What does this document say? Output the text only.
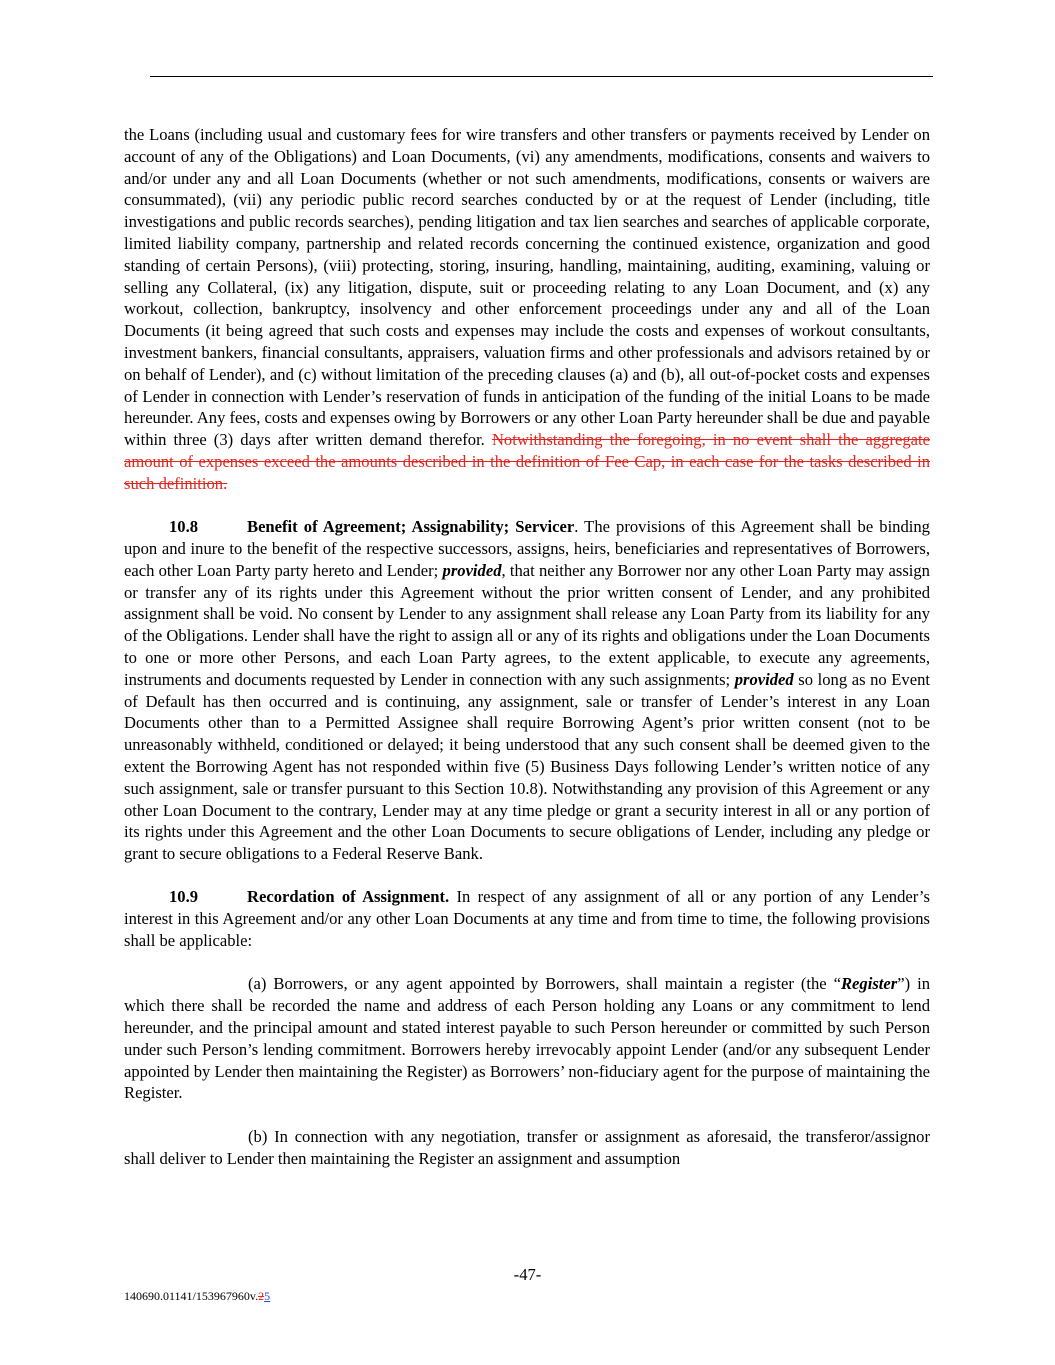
the Loans (including usual and customary fees for wire transfers and other transfers or payments received by Lender on account of any of the Obligations) and Loan Documents, (vi) any amendments, modifications, consents and waivers to and/or under any and all Loan Documents (whether or not such amendments, modifications, consents or waivers are consummated), (vii) any periodic public record searches conducted by or at the request of Lender (including, title investigations and public records searches), pending litigation and tax lien searches and searches of applicable corporate, limited liability company, partnership and related records concerning the continued existence, organization and good standing of certain Persons), (viii) protecting, storing, insuring, handling, maintaining, auditing, examining, valuing or selling any Collateral, (ix) any litigation, dispute, suit or proceeding relating to any Loan Document, and (x) any workout, collection, bankruptcy, insolvency and other enforcement proceedings under any and all of the Loan Documents (it being agreed that such costs and expenses may include the costs and expenses of workout consultants, investment bankers, financial consultants, appraisers, valuation firms and other professionals and advisors retained by or on behalf of Lender), and (c) without limitation of the preceding clauses (a) and (b), all out-of-pocket costs and expenses of Lender in connection with Lender’s reservation of funds in anticipation of the funding of the initial Loans to be made hereunder. Any fees, costs and expenses owing by Borrowers or any other Loan Party hereunder shall be due and payable within three (3) days after written demand therefor. Notwithstanding the foregoing, in no event shall the aggregate amount of expenses exceed the amounts described in the definition of Fee Cap, in each case for the tasks described in such definition.

10.8	Benefit of Agreement; Assignability; Servicer. The provisions of this Agreement shall be binding upon and inure to the benefit of the respective successors, assigns, heirs, beneficiaries and representatives of Borrowers, each other Loan Party party hereto and Lender; provided, that neither any Borrower nor any other Loan Party may assign or transfer any of its rights under this Agreement without the prior written consent of Lender, and any prohibited assignment shall be void. No consent by Lender to any assignment shall release any Loan Party from its liability for any of the Obligations. Lender shall have the right to assign all or any of its rights and obligations under the Loan Documents to one or more other Persons, and each Loan Party agrees, to the extent applicable, to execute any agreements, instruments and documents requested by Lender in connection with any such assignments; provided so long as no Event of Default has then occurred and is continuing, any assignment, sale or transfer of Lender’s interest in any Loan Documents other than to a Permitted Assignee shall require Borrowing Agent’s prior written consent (not to be unreasonably withheld, conditioned or delayed; it being understood that any such consent shall be deemed given to the extent the Borrowing Agent has not responded within five (5) Business Days following Lender’s written notice of any such assignment, sale or transfer pursuant to this Section 10.8). Notwithstanding any provision of this Agreement or any other Loan Document to the contrary, Lender may at any time pledge or grant a security interest in all or any portion of its rights under this Agreement and the other Loan Documents to secure obligations of Lender, including any pledge or grant to secure obligations to a Federal Reserve Bank.

10.9	Recordation of Assignment. In respect of any assignment of all or any portion of any Lender’s interest in this Agreement and/or any other Loan Documents at any time and from time to time, the following provisions shall be applicable:

(a) Borrowers, or any agent appointed by Borrowers, shall maintain a register (the “Register”) in which there shall be recorded the name and address of each Person holding any Loans or any commitment to lend hereunder, and the principal amount and stated interest payable to such Person hereunder or committed by such Person under such Person’s lending commitment. Borrowers hereby irrevocably appoint Lender (and/or any subsequent Lender appointed by Lender then maintaining the Register) as Borrowers’ non-fiduciary agent for the purpose of maintaining the Register.

(b) In connection with any negotiation, transfer or assignment as aforesaid, the transferor/assignor shall deliver to Lender then maintaining the Register an assignment and assumption

-47-
140690.01141/153967960v.25
